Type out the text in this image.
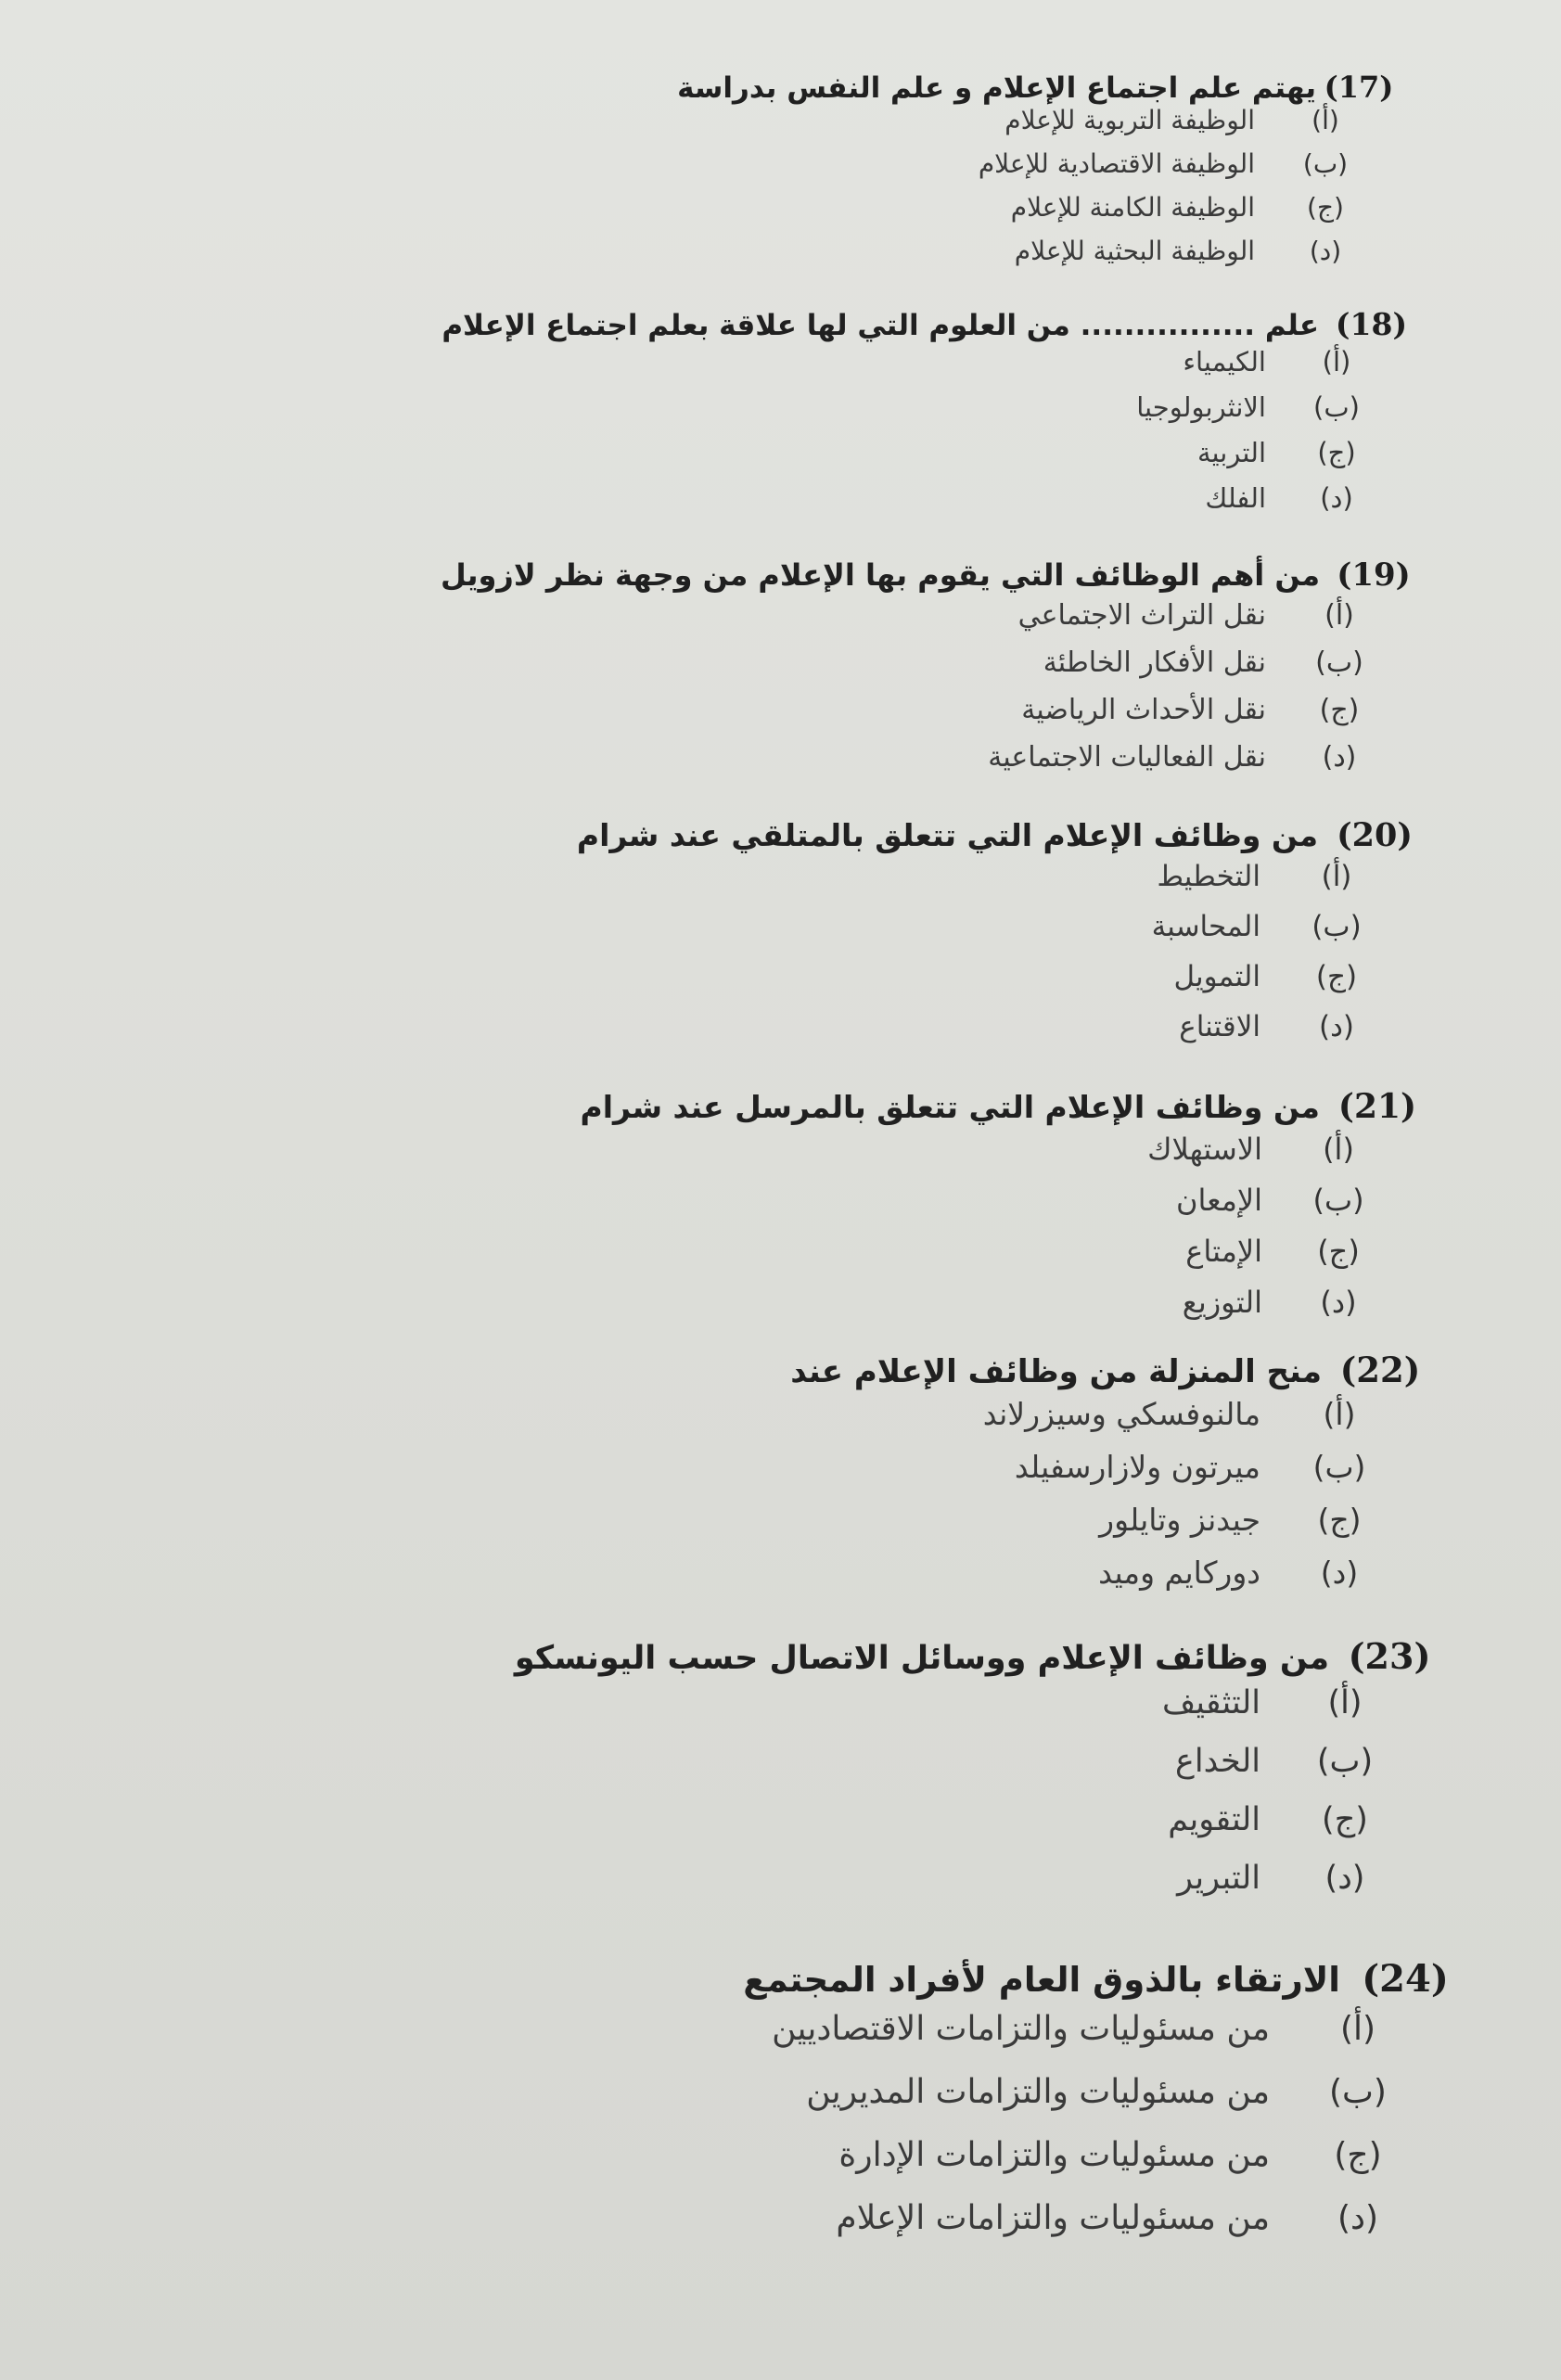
(17)
يهتم علم اجتماع الإعلام و علم النفس بدراسة
(أ)
الوظيفة التربوية للإعلام
(ب)
الوظيفة الاقتصادية للإعلام
(ج)
الوظيفة الكامنة للإعلام
(د)
الوظيفة البحثية للإعلام
(18)
علم ................ من العلوم التي لها علاقة بعلم اجتماع الإعلام
(أ)
الكيمياء
(ب)
الانثربولوجيا
(ج)
التربية
(د)
الفلك
(19)
من أهم الوظائف التي يقوم بها الإعلام من وجهة نظر لازويل
(أ)
نقل التراث الاجتماعي
(ب)
نقل الأفكار الخاطئة
(ج)
نقل الأحداث الرياضية
(د)
نقل الفعاليات الاجتماعية
(20)
من وظائف الإعلام التي تتعلق بالمتلقي عند شرام
(أ)
التخطيط
(ب)
المحاسبة
(ج)
التمويل
(د)
الاقتناع
(21)
من وظائف الإعلام التي تتعلق بالمرسل عند شرام
(أ)
الاستهلاك
(ب)
الإمعان
(ج)
الإمتاع
(د)
التوزيع
(22)
منح المنزلة من وظائف الإعلام عند
(أ)
مالنوفسكي وسيزرلاند
(ب)
ميرتون ولازارسفيلد
(ج)
جيدنز وتايلور
(د)
دوركايم وميد
(23)
من وظائف الإعلام ووسائل الاتصال حسب اليونسكو
(أ)
التثقيف
(ب)
الخداع
(ج)
التقويم
(د)
التبرير
(24)
الارتقاء بالذوق العام لأفراد المجتمع
(أ)
من مسئوليات والتزامات الاقتصاديين
(ب)
من مسئوليات والتزامات المديرين
(ج)
من مسئوليات والتزامات الإدارة
(د)
من مسئوليات والتزامات الإعلام
